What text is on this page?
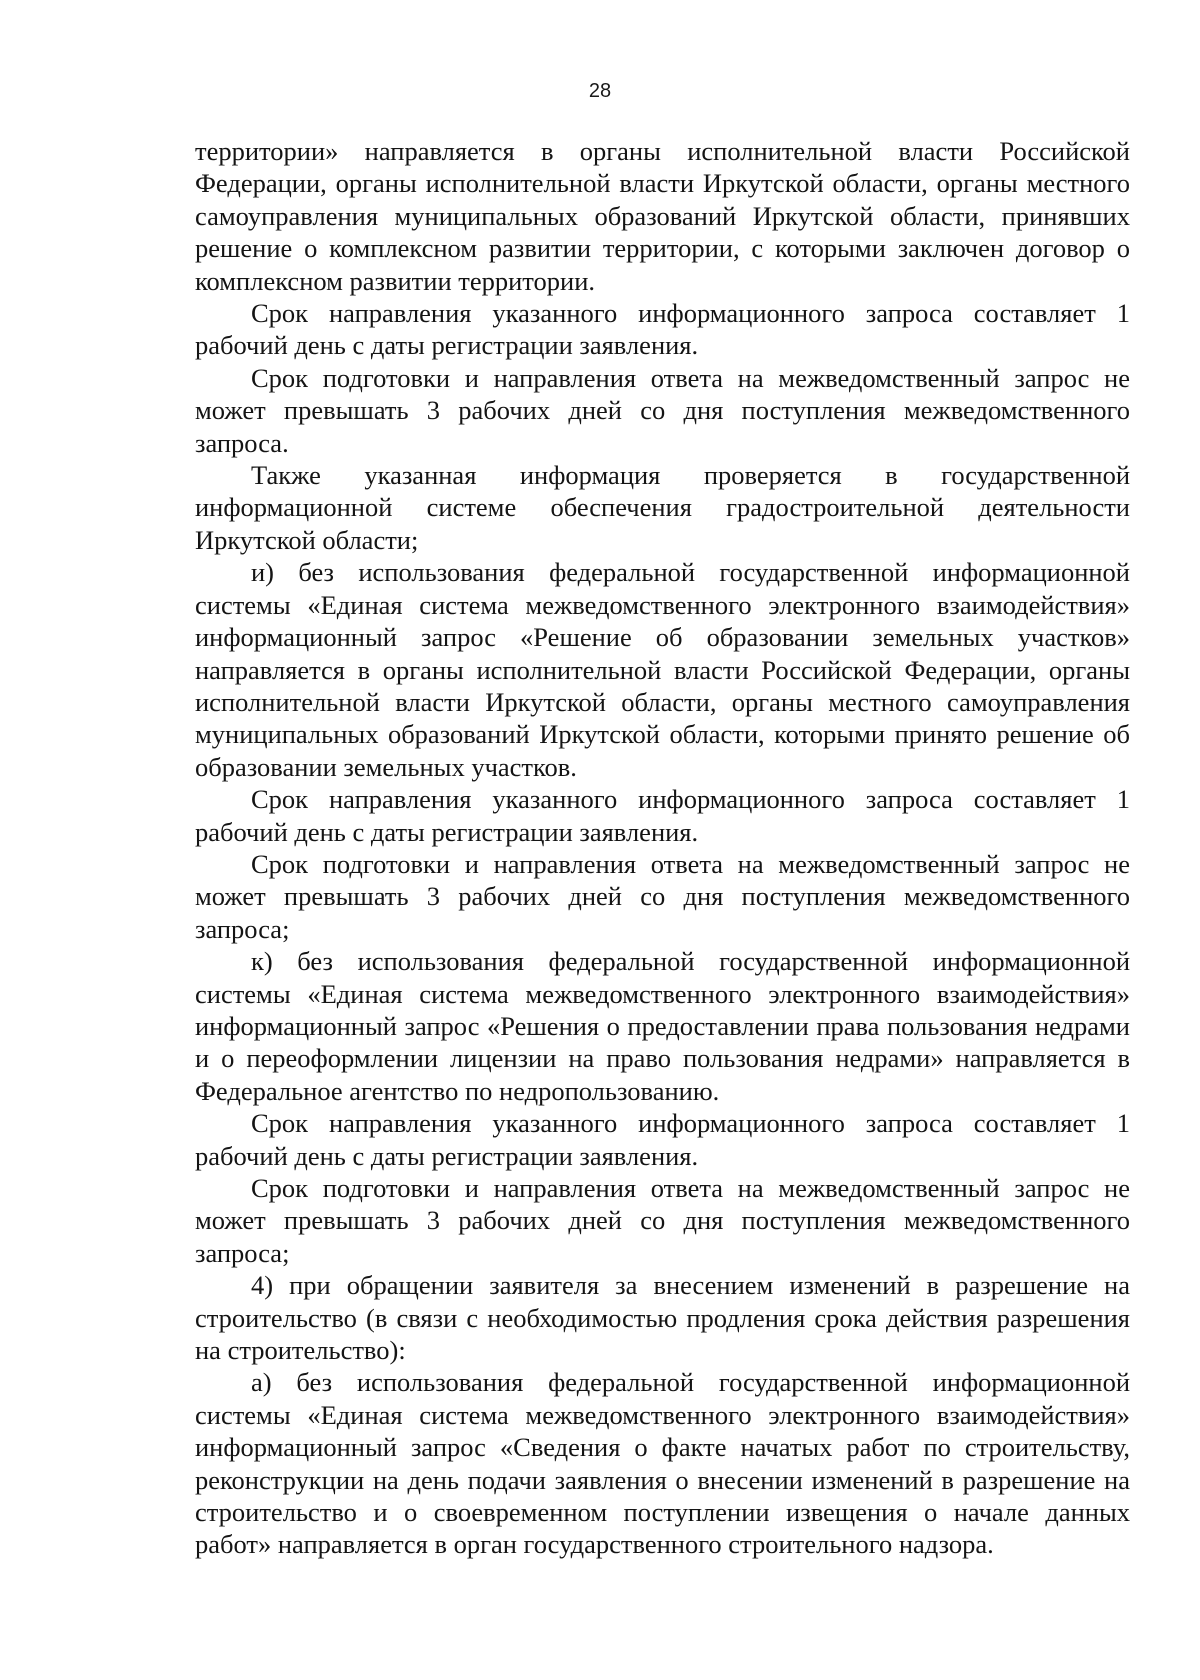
28

территории» направляется в органы исполнительной власти Российской Федерации, органы исполнительной власти Иркутской области, органы местного самоуправления муниципальных образований Иркутской области, принявших решение о комплексном развитии территории, с которыми заключен договор о комплексном развитии территории.

Срок направления указанного информационного запроса составляет 1 рабочий день с даты регистрации заявления.

Срок подготовки и направления ответа на межведомственный запрос не может превышать 3 рабочих дней со дня поступления межведомственного запроса.

Также указанная информация проверяется в государственной информационной системе обеспечения градостроительной деятельности Иркутской области;

и) без использования федеральной государственной информационной системы «Единая система межведомственного электронного взаимодействия» информационный запрос «Решение об образовании земельных участков» направляется в органы исполнительной власти Российской Федерации, органы исполнительной власти Иркутской области, органы местного самоуправления муниципальных образований Иркутской области, которыми принято решение об образовании земельных участков.

Срок направления указанного информационного запроса составляет 1 рабочий день с даты регистрации заявления.

Срок подготовки и направления ответа на межведомственный запрос не может превышать 3 рабочих дней со дня поступления межведомственного запроса;

к) без использования федеральной государственной информационной системы «Единая система межведомственного электронного взаимодействия» информационный запрос «Решения о предоставлении права пользования недрами и о переоформлении лицензии на право пользования недрами» направляется в Федеральное агентство по недропользованию.

Срок направления указанного информационного запроса составляет 1 рабочий день с даты регистрации заявления.

Срок подготовки и направления ответа на межведомственный запрос не может превышать 3 рабочих дней со дня поступления межведомственного запроса;

4) при обращении заявителя за внесением изменений в разрешение на строительство (в связи с необходимостью продления срока действия разрешения на строительство):

а) без использования федеральной государственной информационной системы «Единая система межведомственного электронного взаимодействия» информационный запрос «Сведения о факте начатых работ по строительству, реконструкции на день подачи заявления о внесении изменений в разрешение на строительство и о своевременном поступлении извещения о начале данных работ» направляется в орган государственного строительного надзора.
